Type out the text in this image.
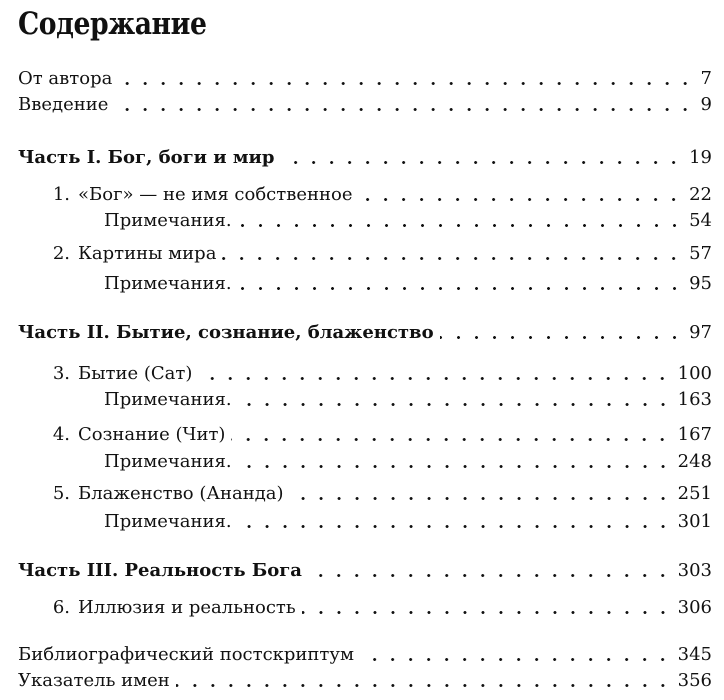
Содержание
От автора	7
Введение	9
Часть I. Бог, боги и мир	19
1. «Бог» — не имя собственное	22
Примечания.	54
2. Картины мира	57
Примечания.	95
Часть II. Бытие, сознание, блаженство	97
3. Бытие (Сат)	100
Примечания.	163
4. Сознание (Чит)	167
Примечания.	248
5. Блаженство (Ананда)	251
Примечания.	301
Часть III. Реальность Бога	303
6. Иллюзия и реальность	306
Библиографический постскриптум	345
Указатель имен	356
